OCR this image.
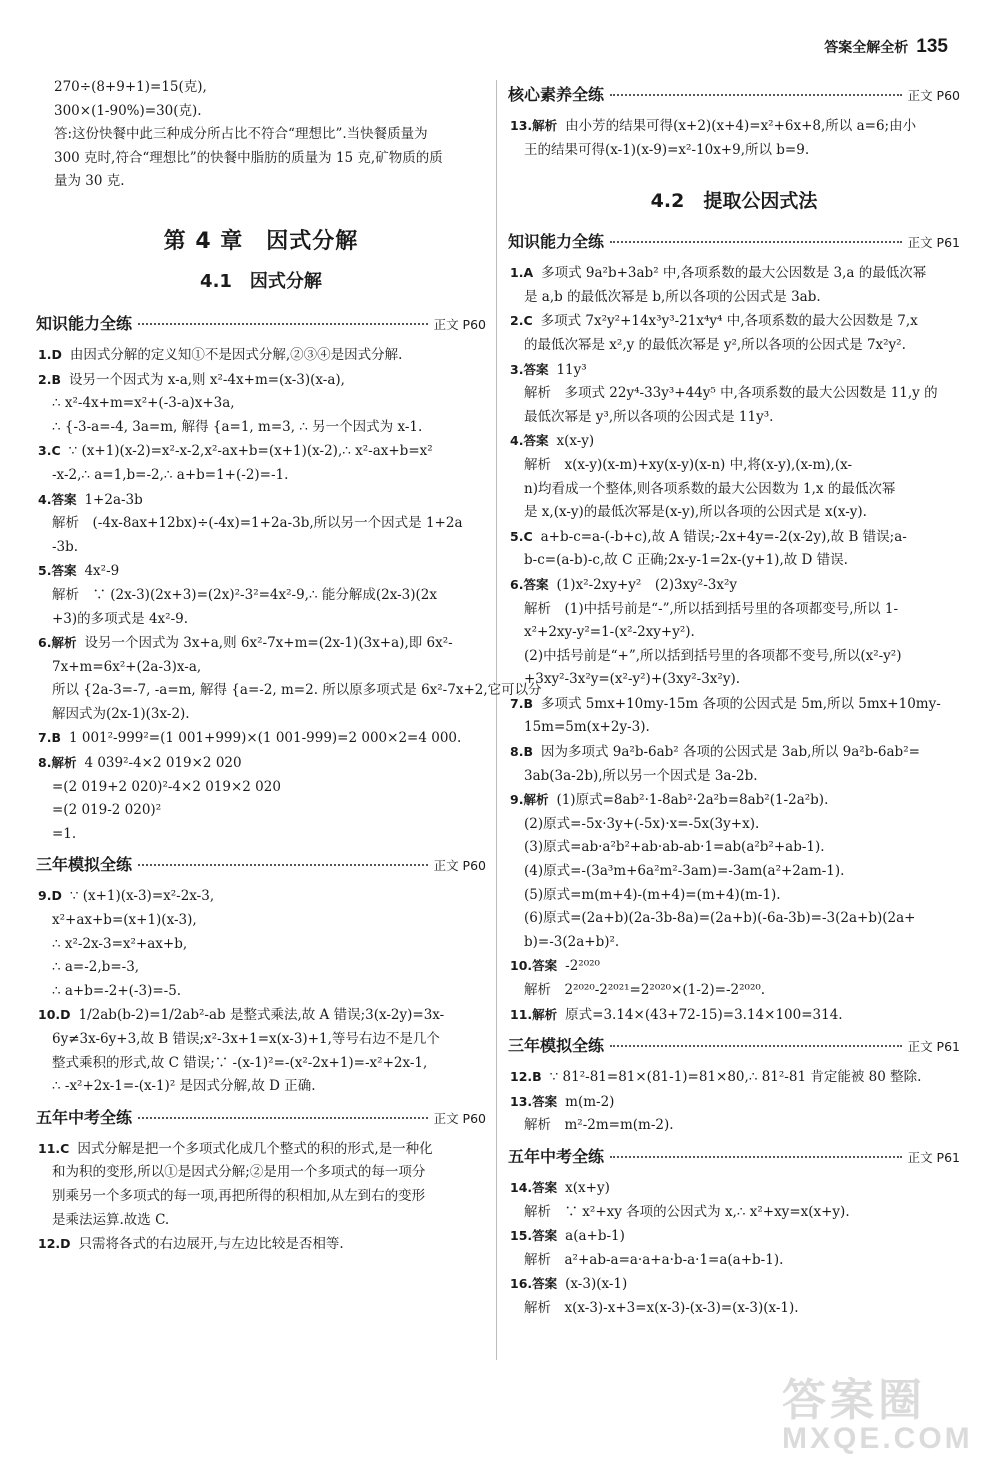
答案全解全析 135
270÷(8+9+1)=15(克),
300×(1-90%)=30(克).
答:这份快餐中此三种成分所占比不符合“理想比”.当快餐质量为
300 克时,符合“理想比”的快餐中脂肪的质量为 15 克,矿物质的质
量为 30 克.
第 4 章　因式分解
4.1　因式分解
知识能力全练	正文 P60
1.D 由因式分解的定义知①不是因式分解,②③④是因式分解.
2.B 设另一个因式为 x-a,则 x²-4x+m=(x-3)(x-a),
∴ x²-4x+m=x²+(-3-a)x+3a,
∴ {-3-a=-4, 3a=m, 解得 {a=1, m=3, ∴ 另一个因式为 x-1.
3.C ∵ (x+1)(x-2)=x²-x-2,x²-ax+b=(x+1)(x-2),∴ x²-ax+b=x²
-x-2,∴ a=1,b=-2,∴ a+b=1+(-2)=-1.
4.答案 1+2a-3b
解析　(-4x-8ax+12bx)÷(-4x)=1+2a-3b,所以另一个因式是 1+2a
-3b.
5.答案 4x²-9
解析　∵ (2x-3)(2x+3)=(2x)²-3²=4x²-9,∴ 能分解成(2x-3)(2x
+3)的多项式是 4x²-9.
6.解析 设另一个因式为 3x+a,则 6x²-7x+m=(2x-1)(3x+a),即 6x²-
7x+m=6x²+(2a-3)x-a,
所以 {2a-3=-7, -a=m, 解得 {a=-2, m=2. 所以原多项式是 6x²-7x+2,它可以分
解因式为(2x-1)(3x-2).
7.B 1 001²-999²=(1 001+999)×(1 001-999)=2 000×2=4 000.
8.解析 4 039²-4×2 019×2 020
=(2 019+2 020)²-4×2 019×2 020
=(2 019-2 020)²
=1.
三年模拟全练	正文 P60
9.D ∵ (x+1)(x-3)=x²-2x-3,
x²+ax+b=(x+1)(x-3),
∴ x²-2x-3=x²+ax+b,
∴ a=-2,b=-3,
∴ a+b=-2+(-3)=-5.
10.D 1/2ab(b-2)=1/2ab²-ab 是整式乘法,故 A 错误;3(x-2y)=3x-
6y≠3x-6y+3,故 B 错误;x²-3x+1=x(x-3)+1,等号右边不是几个
整式乘积的形式,故 C 错误;∵ -(x-1)²=-(x²-2x+1)=-x²+2x-1,
∴ -x²+2x-1=-(x-1)² 是因式分解,故 D 正确.
五年中考全练	正文 P60
11.C 因式分解是把一个多项式化成几个整式的积的形式,是一种化
和为积的变形,所以①是因式分解;②是用一个多项式的每一项分
别乘另一个多项式的每一项,再把所得的积相加,从左到右的变形
是乘法运算.故选 C.
12.D 只需将各式的右边展开,与左边比较是否相等.
核心素养全练	正文 P60
13.解析 由小芳的结果可得(x+2)(x+4)=x²+6x+8,所以 a=6;由小
王的结果可得(x-1)(x-9)=x²-10x+9,所以 b=9.
4.2　提取公因式法
知识能力全练	正文 P61
1.A 多项式 9a²b+3ab² 中,各项系数的最大公因数是 3,a 的最低次幂
是 a,b 的最低次幂是 b,所以各项的公因式是 3ab.
2.C 多项式 7x²y²+14x³y³-21x⁴y⁴ 中,各项系数的最大公因数是 7,x
的最低次幂是 x²,y 的最低次幂是 y²,所以各项的公因式是 7x²y².
3.答案 11y³
解析　多项式 22y⁴-33y³+44y⁵ 中,各项系数的最大公因数是 11,y 的
最低次幂是 y³,所以各项的公因式是 11y³.
4.答案 x(x-y)
解析　x(x-y)(x-m)+xy(x-y)(x-n) 中,将(x-y),(x-m),(x-
n)均看成一个整体,则各项系数的最大公因数为 1,x 的最低次幂
是 x,(x-y)的最低次幂是(x-y),所以各项的公因式是 x(x-y).
5.C a+b-c=a-(-b+c),故 A 错误;-2x+4y=-2(x-2y),故 B 错误;a-
b-c=(a-b)-c,故 C 正确;2x-y-1=2x-(y+1),故 D 错误.
6.答案 (1)x²-2xy+y²　(2)3xy²-3x²y
解析　(1)中括号前是“-”,所以括到括号里的各项都变号,所以 1-
x²+2xy-y²=1-(x²-2xy+y²).
(2)中括号前是“+”,所以括到括号里的各项都不变号,所以(x²-y²)
+3xy²-3x²y=(x²-y²)+(3xy²-3x²y).
7.B 多项式 5mx+10my-15m 各项的公因式是 5m,所以 5mx+10my-
15m=5m(x+2y-3).
8.B 因为多项式 9a²b-6ab² 各项的公因式是 3ab,所以 9a²b-6ab²=
3ab(3a-2b),所以另一个因式是 3a-2b.
9.解析 (1)原式=8ab²·1-8ab²·2a²b=8ab²(1-2a²b).
(2)原式=-5x·3y+(-5x)·x=-5x(3y+x).
(3)原式=ab·a²b²+ab·ab-ab·1=ab(a²b²+ab-1).
(4)原式=-(3a³m+6a²m²-3am)=-3am(a²+2am-1).
(5)原式=m(m+4)-(m+4)=(m+4)(m-1).
(6)原式=(2a+b)(2a-3b-8a)=(2a+b)(-6a-3b)=-3(2a+b)(2a+
b)=-3(2a+b)².
10.答案 -2²⁰²⁰
解析　2²⁰²⁰-2²⁰²¹=2²⁰²⁰×(1-2)=-2²⁰²⁰.
11.解析 原式=3.14×(43+72-15)=3.14×100=314.
三年模拟全练	正文 P61
12.B ∵ 81²-81=81×(81-1)=81×80,∴ 81²-81 肯定能被 80 整除.
13.答案 m(m-2)
解析　m²-2m=m(m-2).
五年中考全练	正文 P61
14.答案 x(x+y)
解析　∵ x²+xy 各项的公因式为 x,∴ x²+xy=x(x+y).
15.答案 a(a+b-1)
解析　a²+ab-a=a·a+a·b-a·1=a(a+b-1).
16.答案 (x-3)(x-1)
解析　x(x-3)-x+3=x(x-3)-(x-3)=(x-3)(x-1).
答案圈
MXQE.COM
